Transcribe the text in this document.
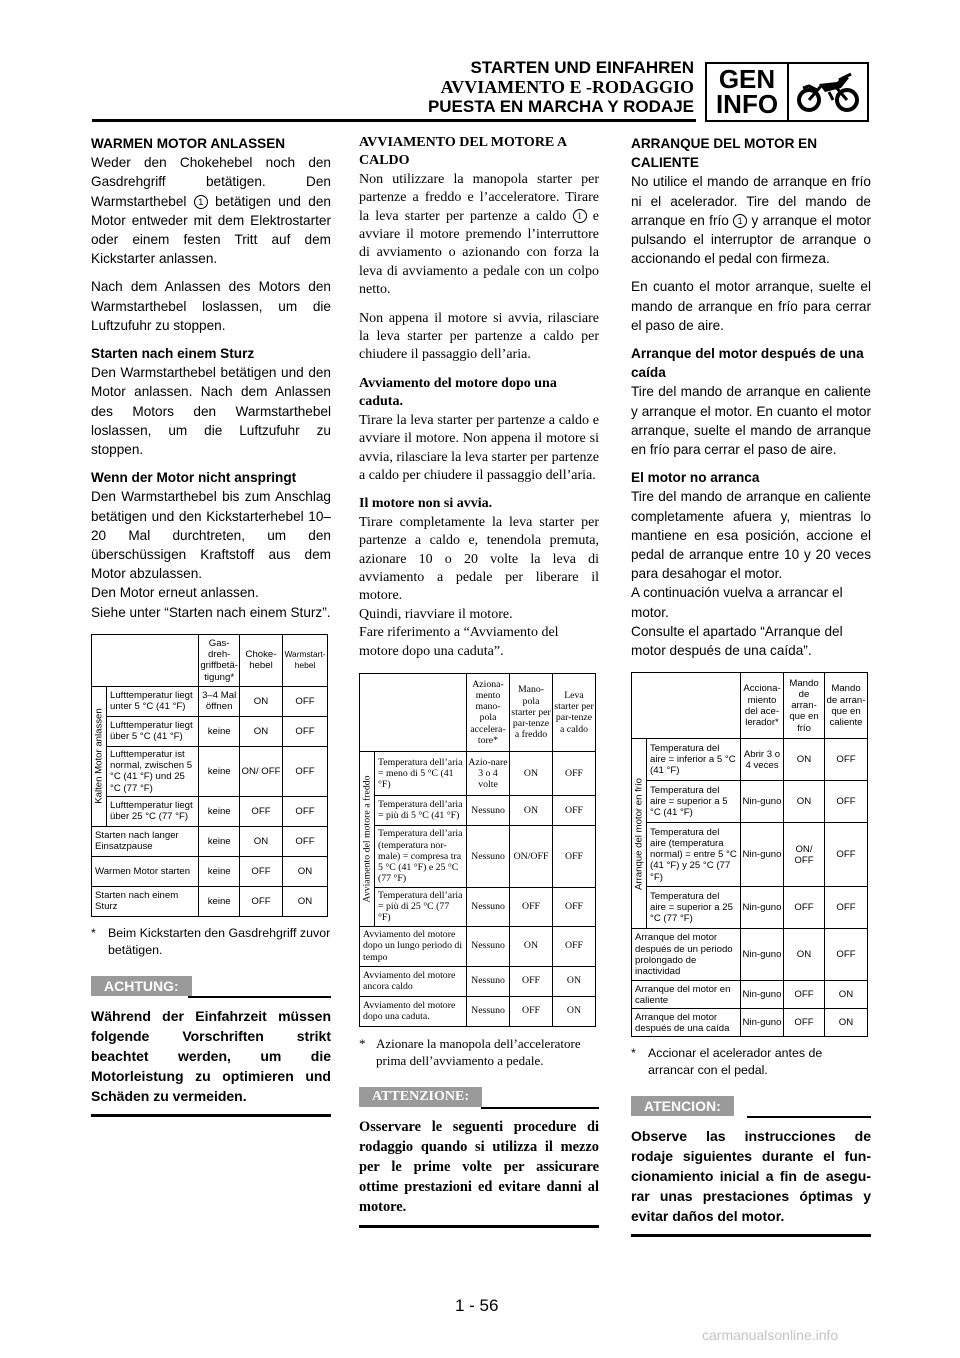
STARTEN UND EINFAHREN
AVVIAMENTO E -RODAGGIO
PUESTA EN MARCHA Y RODAJE
GEN
INFO
WARMEN MOTOR ANLASSEN

Weder den Chokehebel noch den Gasdrehgriff betätigen. Den Warmstarthebel 1 betätigen und den Motor entweder mit dem Elektrostarter oder einem festen Tritt auf dem Kickstarter anlassen.

Nach dem Anlassen des Motors den Warmstarthebel loslassen, um die Luftzufuhr zu stoppen.

Starten nach einem Sturz

Den Warmstarthebel betätigen und den Motor anlassen. Nach dem Anlassen des Motors den Warmstarthebel loslassen, um die Luftzufuhr zu stoppen.

Wenn der Motor nicht anspringt
Den Warmstarthebel bis zum Anschlag betätigen und den Kickstarterhebel 10–20 Mal durchtreten, um den überschüssigen Kraftstoff aus dem Motor abzulassen.
Den Motor erneut anlassen.
Siehe unter “Starten nach einem Sturz”.
		Gas-dreh-griffbetä-tigung*	Choke-hebel	Warmstart-hebel

Kalten Motor anlassen	Lufttemperatur liegt unter 5 °C (41 °F)	3–4 Mal öffnen	ON	OFF
	Lufttemperatur liegt über 5 °C (41 °F)	keine	ON	OFF
	Lufttemperatur ist normal, zwischen 5 °C (41 °F) und 25 °C (77 °F)	keine	ON/ OFF	OFF
	Lufttemperatur liegt über 25 °C (77 °F)	keine	OFF	OFF
Starten nach langer Einsatzpause		keine	ON	OFF
Warmen Motor starten		keine	OFF	ON
Starten nach einem Sturz		keine	OFF	ON
* Beim Kickstarten den Gasdrehgriff zuvor betätigen.
ACHTUNG:
Während der Einfahrzeit müssen folgende Vorschriften strikt beachtet werden, um die Motorleistung zu optimieren und Schäden zu vermeiden.
AVVIAMENTO DEL MOTORE A CALDO

Non utilizzare la manopola starter per partenze a freddo e l’acceleratore. Tirare la leva starter per partenze a caldo 1 e avviare il motore premendo l’interruttore di avviamento o azionando con forza la leva di avviamento a pedale con un colpo netto.

Non appena il motore si avvia, rilasciare la leva starter per partenze a caldo per chiudere il passaggio dell’aria.

Avviamento del motore dopo una caduta.

Tirare la leva starter per partenze a caldo e avviare il motore. Non appena il motore si avvia, rilasciare la leva starter per partenze a caldo per chiudere il passaggio dell’aria.

Il motore non si avvia.
Tirare completamente la leva starter per partenze a caldo e, tenendola premuta, azionare 10 o 20 volte la leva di avviamento a pedale per liberare il motore.
Quindi, riavviare il motore.
Fare riferimento a “Avviamento del motore dopo una caduta”.
		Aziona-mento mano-pola accelera-tore*	Mano-pola starter per par-tenze a freddo	Leva starter per par-tenze a caldo

Avviamento del motore a freddo	Temperatura dell’aria = meno di 5 °C (41 °F)	Azio-nare 3 o 4 volte	ON	OFF
	Temperatura dell’aria = più di 5 °C (41 °F)	Nessuno	ON	OFF
	Temperatura dell’aria (temperatura nor-male) = compresa tra 5 °C (41 °F) e 25 °C (77 °F)	Nessuno	ON/OFF	OFF
	Temperatura dell’aria = più di 25 °C (77 °F)	Nessuno	OFF	OFF
Avviamento del motore dopo un lungo periodo di tempo		Nessuno	ON	OFF
Avviamento del motore ancora caldo		Nessuno	OFF	ON
Avviamento del motore dopo una caduta.		Nessuno	OFF	ON
* Azionare la manopola dell’acceleratore prima dell’avviamento a pedale.
ATTENZIONE:
Osservare le seguenti procedure di rodaggio quando si utilizza il mezzo per le prime volte per assicurare ottime prestazioni ed evitare danni al motore.
ARRANQUE DEL MOTOR EN CALIENTE

No utilice el mando de arranque en frío ni el acelerador. Tire del mando de arranque en frío 1 y arranque el motor pulsando el interruptor de arranque o accionando el pedal con firmeza.

En cuanto el motor arranque, suelte el mando de arranque en frío para cerrar el paso de aire.

Arranque del motor después de una caída

Tire del mando de arranque en caliente y arranque el motor. En cuanto el motor arranque, suelte el mando de arranque en frío para cerrar el paso de aire.

El motor no arranca
Tire del mando de arranque en caliente completamente afuera y, mientras lo mantiene en esa posición, accione el pedal de arranque entre 10 y 20 veces para desahogar el motor.
A continuación vuelva a arrancar el motor.
Consulte el apartado “Arranque del motor después de una caída”.
		Acciona-miento del ace-lerador*	Mando de arran-que en frío	Mando de arran-que en caliente

Arranque del motor en frío	Temperatura del aire = inferior a 5 °C (41 °F)	Abrir 3 o 4 veces	ON	OFF
	Temperatura del aire = superior a 5 °C (41 °F)	Nin-guno	ON	OFF
	Temperatura del aire (temperatura normal) = entre 5 °C (41 °F) y 25 °C (77 °F)	Nin-guno	ON/ OFF	OFF
	Temperatura del aire = superior a 25 °C (77 °F)	Nin-guno	OFF	OFF
Arranque del motor después de un periodo prolongado de inactividad		Nin-guno	ON	OFF
Arranque del motor en caliente		Nin-guno	OFF	ON
Arranque del motor después de una caída		Nin-guno	OFF	ON
* Accionar el acelerador antes de arrancar con el pedal.
ATENCION:
Observe las instrucciones de rodaje siguientes durante el fun-cionamiento inicial a fin de asegu-rar unas prestaciones óptimas y evitar daños del motor.
1 - 56
carmanualsonline.info
